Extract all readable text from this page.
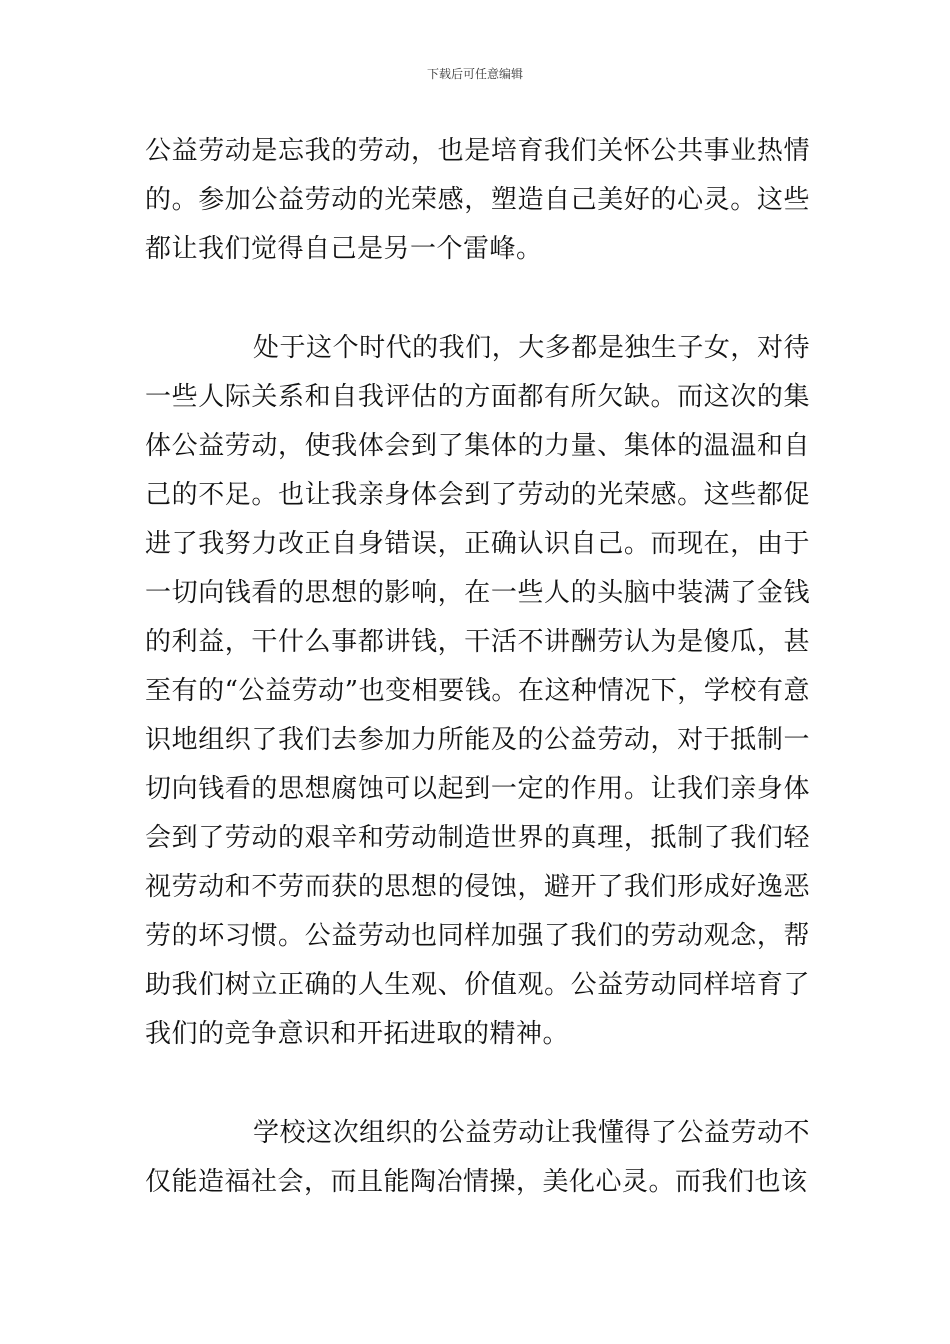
下载后可任意编辑

公益劳动是忘我的劳动，也是培育我们关怀公共事业热情的。参加公益劳动的光荣感，塑造自己美好的心灵。这些都让我们觉得自己是另一个雷峰。

处于这个时代的我们，大多都是独生子女，对待一些人际关系和自我评估的方面都有所欠缺。而这次的集体公益劳动，使我体会到了集体的力量、集体的温温和自己的不足。也让我亲身体会到了劳动的光荣感。这些都促进了我努力改正自身错误，正确认识自己。而现在，由于一切向钱看的思想的影响，在一些人的头脑中装满了金钱的利益，干什么事都讲钱，干活不讲酬劳认为是傻瓜，甚至有的“公益劳动”也变相要钱。在这种情况下，学校有意识地组织了我们去参加力所能及的公益劳动，对于抵制一切向钱看的思想腐蚀可以起到一定的作用。让我们亲身体会到了劳动的艰辛和劳动制造世界的真理，抵制了我们轻视劳动和不劳而获的思想的侵蚀，避开了我们形成好逸恶劳的坏习惯。公益劳动也同样加强了我们的劳动观念，帮助我们树立正确的人生观、价值观。公益劳动同样培育了我们的竞争意识和开拓进取的精神。

学校这次组织的公益劳动让我懂得了公益劳动不仅能造福社会，而且能陶冶情操，美化心灵。而我们也该
